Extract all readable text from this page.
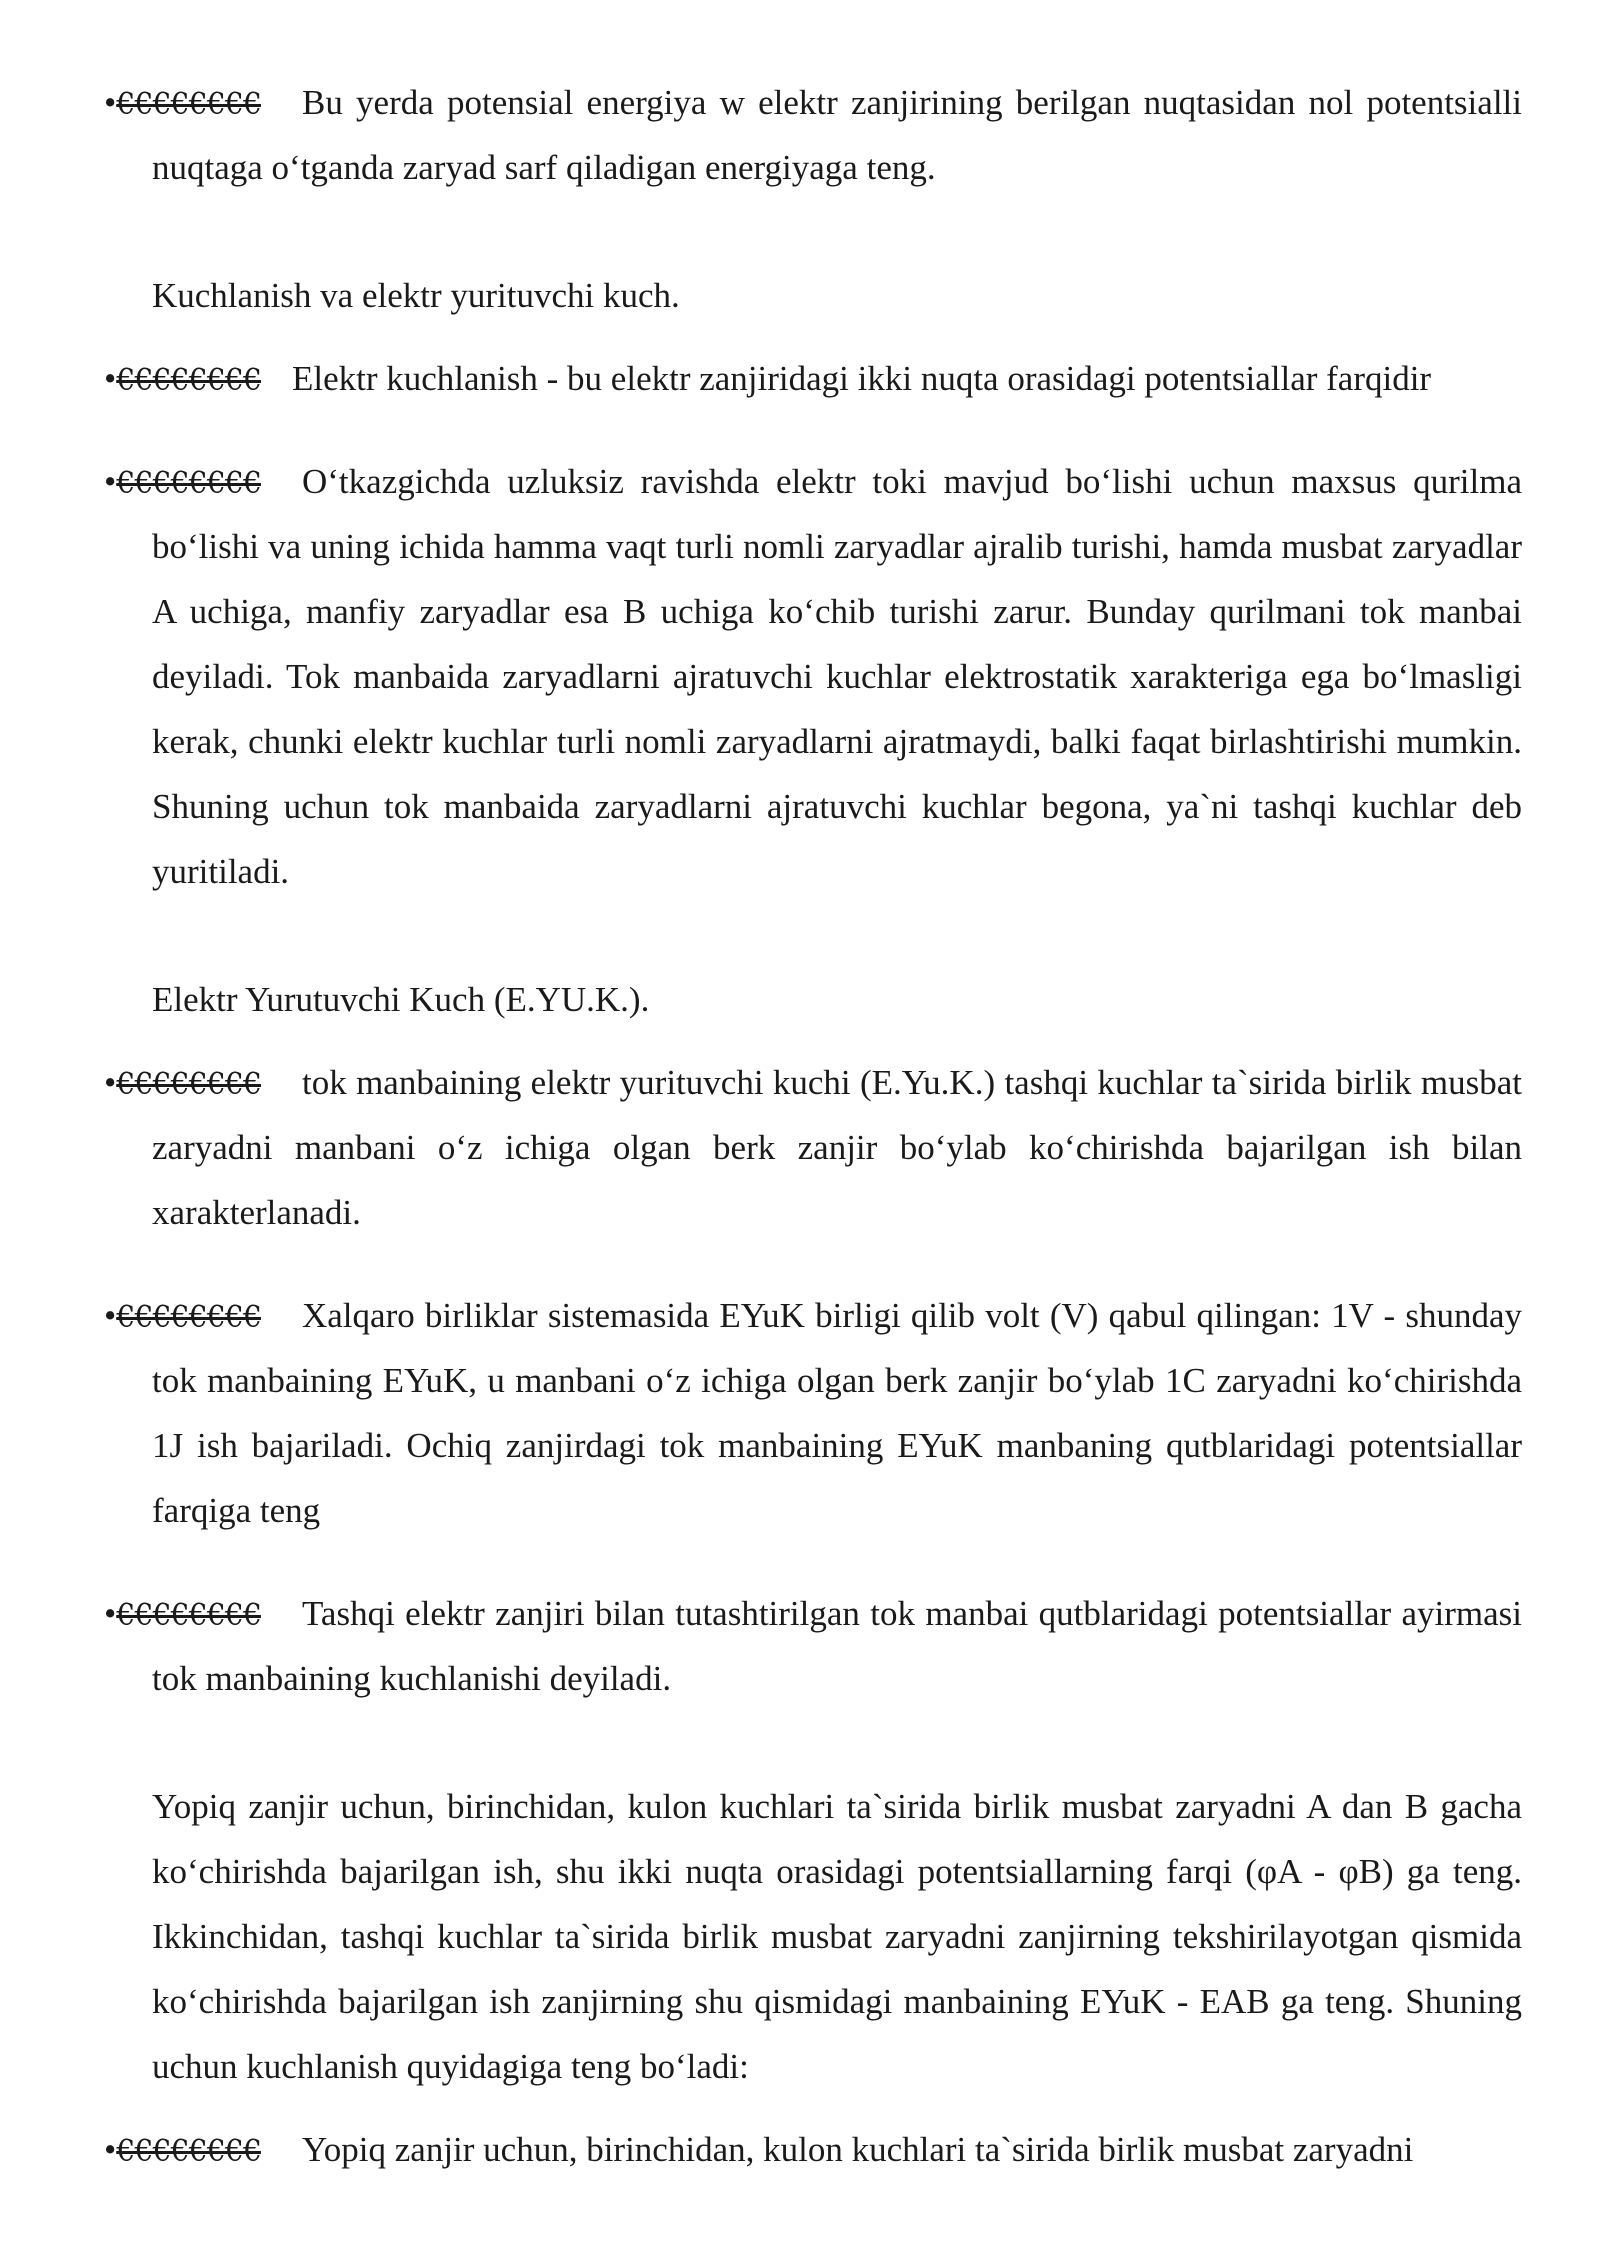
•€€€€€€€€	Bu yerda potensial energiya w elektr zanjirining berilgan nuqtasidan nol potentsialli nuqtaga o‘tganda zaryad sarf qiladigan energiyaga teng.

Kuchlanish va elektr yurituvchi kuch.

•€€€€€€€€ Elektr kuchlanish - bu elektr zanjiridagi ikki nuqta orasidagi potentsiallar farqidir

•€€€€€€€€	O‘tkazgichda uzluksiz ravishda elektr toki mavjud bo‘lishi uchun maxsus qurilma bo‘lishi va uning ichida hamma vaqt turli nomli zaryadlar ajralib turishi, hamda musbat zaryadlar A uchiga, manfiy zaryadlar esa B uchiga ko‘chib turishi zarur. Bunday qurilmani tok manbai deyiladi. Tok manbaida zaryadlarni ajratuvchi kuchlar elektrostatik xarakteriga ega bo‘lmasligi kerak, chunki elektr kuchlar turli nomli zaryadlarni ajratmaydi, balki faqat birlashtirishi mumkin. Shuning uchun tok manbaida zaryadlarni ajratuvchi kuchlar begona, ya`ni tashqi kuchlar deb yuritiladi.

Elektr Yurutuvchi Kuch (E.YU.K.).

•€€€€€€€€	tok manbaining elektr yurituvchi kuchi (E.Yu.K.) tashqi kuchlar ta`sirida birlik musbat zaryadni manbani o‘z ichiga olgan berk zanjir bo‘ylab ko‘chirishda bajarilgan ish bilan xarakterlanadi.

•€€€€€€€€	Xalqaro birliklar sistemasida EYuK birligi qilib volt (V) qabul qilingan: 1V - shunday tok manbaining EYuK, u manbani o‘z ichiga olgan berk zanjir bo‘ylab 1C zaryadni ko‘chirishda 1J ish bajariladi. Ochiq zanjirdagi tok manbaining EYuK manbaning qutblaridagi potentsiallar farqiga teng

•€€€€€€€€	Tashqi elektr zanjiri bilan tutashtirilgan tok manbai qutblaridagi potentsiallar ayirmasi tok manbaining kuchlanishi deyiladi.

Yopiq zanjir uchun, birinchidan, kulon kuchlari ta`sirida birlik musbat zaryadni A dan B gacha ko‘chirishda bajarilgan ish, shu ikki nuqta orasidagi potentsiallarning farqi (φA - φB) ga teng. Ikkinchidan, tashqi kuchlar ta`sirida birlik musbat zaryadni zanjirning tekshirilayotgan qismida ko‘chirishda bajarilgan ish zanjirning shu qismidagi manbaining EYuK - EAB ga teng. Shuning uchun kuchlanish quyidagiga teng bo‘ladi:

•€€€€€€€€	Yopiq zanjir uchun, birinchidan, kulon kuchlari ta`sirida birlik musbat zaryadni
